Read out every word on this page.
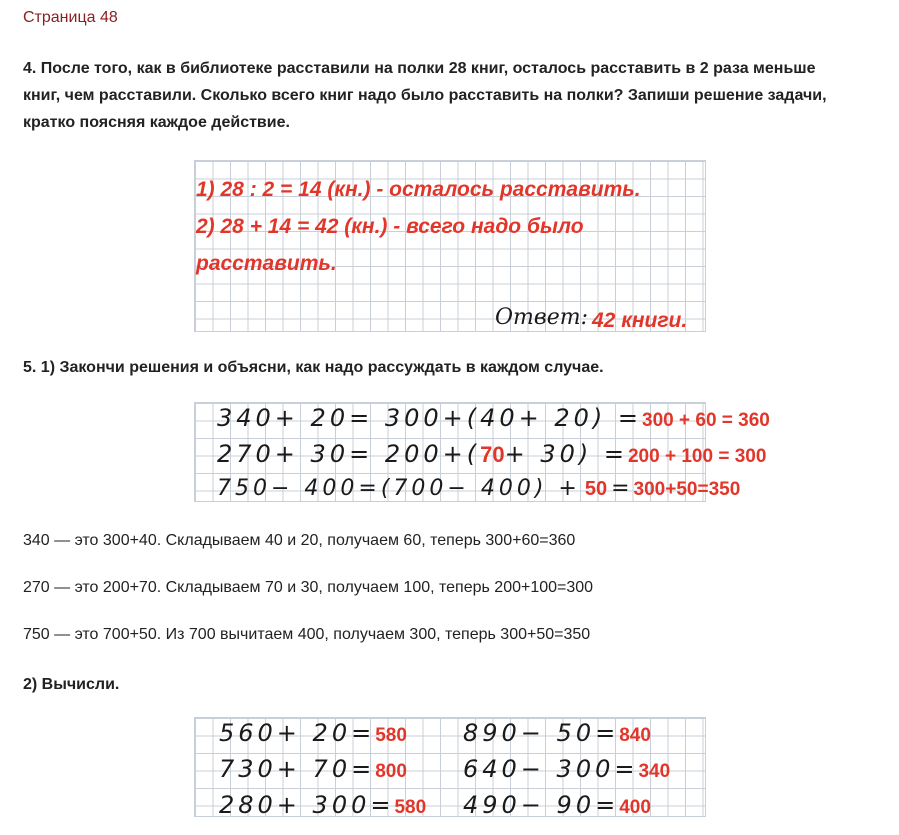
Страница 48
4. После того, как в библиотеке расставили на полки 28 книг, осталось расставить в 2 раза меньше книг, чем расставили. Сколько всего книг надо было расставить на полки? Запиши решение задачи, кратко поясняя каждое действие.
1) 28 : 2 = 14 (кн.) - осталось расставить.
2) 28 + 14 = 42 (кн.) - всего надо было
расставить.
Ответ: 42 книги.
5. 1) Закончи решения и объясни, как надо рассуждать в каждом случае.
340+ 20= 300+(40+ 20) =300 + 60 = 360
270+ 30= 200+(70+ 30) =200 + 100 = 300
750− 400=(700− 400) + 50 =300+50=350
340 — это 300+40. Складываем 40 и 20, получаем 60, теперь 300+60=360
270 — это 200+70. Складываем 70 и 30, получаем 100, теперь 200+100=300
750 — это 700+50. Из 700 вычитаем 400, получаем 300, теперь 300+50=350
2) Вычисли.
560+ 20=580
730+ 70=800
280+ 300=580
890− 50=840
640− 300=340
490− 90=400
